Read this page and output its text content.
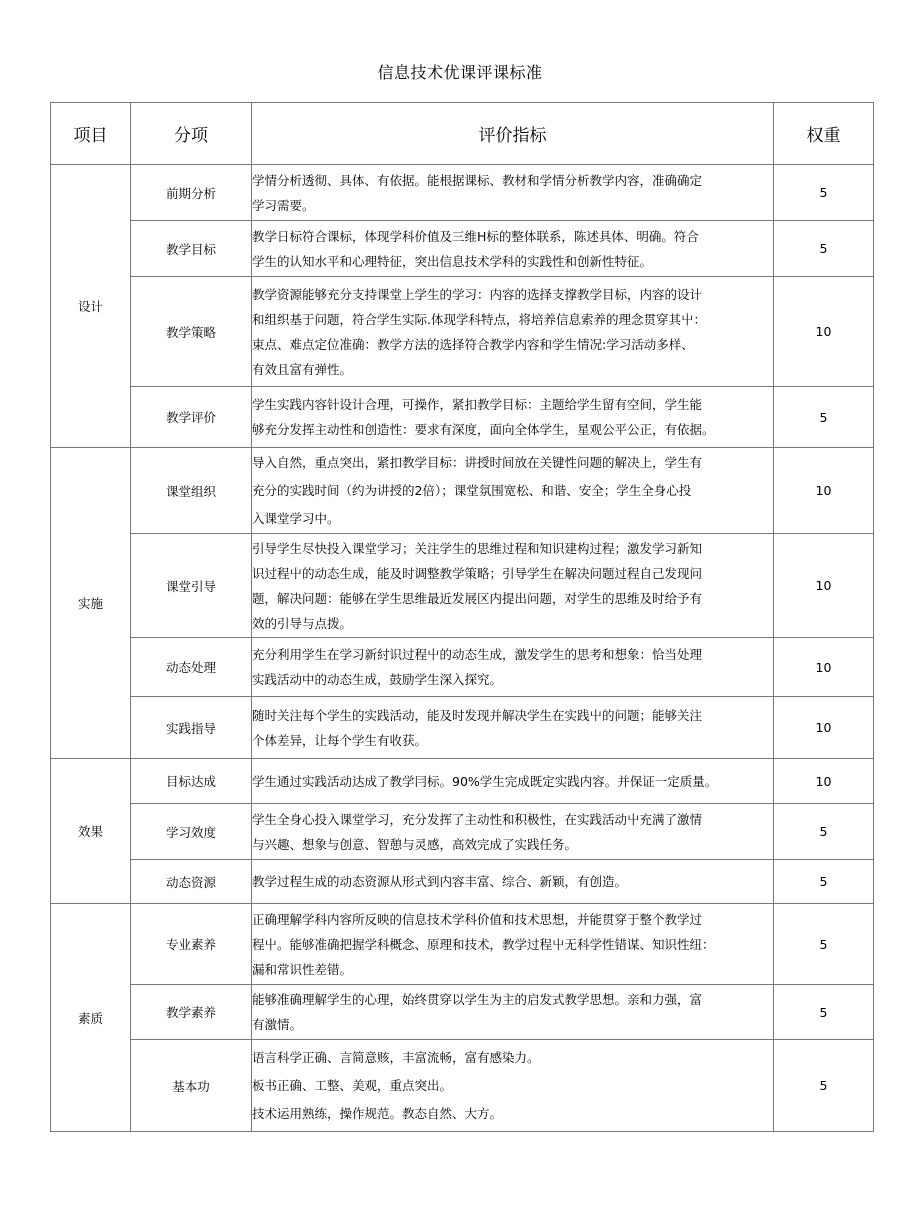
信息技术优课评课标准
项目	分项	评价指标	权重
设计	前期分析	学情分析透彻、具体、有依据。能根据课标、教材和学情分析教学内容，准确确定
学习需要。	5
	教学目标	教学日标符合课标，体现学科价值及三维H标的整体联系，陈述具体、明确。符合
学生的认知水平和心理特征，突出信息技术学科的实践性和创新性特征。	5
	教学策略	教学资源能够充分支持课堂上学生的学习：内容的选择支撑教学目标，内容的设计
和组织基于问题，符合学生实际.体现学科特点，将培养信息索养的理念贯穿其屮：
束点、难点定位准确：教学方法的选择符合教学内容和学生情况:学习活动多样、
有效且富有弹性。	10
	教学评价	学生实践内容针设计合理，可操作，紧扣教学目标：主题给学生留有空间，学生能
够充分发挥主动性和创造性：要求有深度，面向全体学生，星观公平公正，有依据。	5
实施	课堂组织	导入自然，重点突出，紧扣教学目标：讲授时间放在关键性问题的解决上，学生有
充分的实践时间（约为讲授的2倍）；课堂氛围宽松、和谐、安全；学生全身心投
入课堂学习中。	10
	课堂引导	引导学生尽快投入课堂学习；关注学生的思维过程和知识建构过程；激发学习新知
识过程屮的动态生成，能及时调整教学策略；引导学生在解决问题过程自己发现问
题，解决问题：能够在学生思维最近发展区内提出问题，对学生的思维及时给予有
效的引导与点拨。	10
	动态处理	充分利用学生在学习新紂识过程屮的动态生成，激发学生的思考和想象：恰当处理
实践活动中的动态生成，鼓励学生深入探究。	10
	实践指导	随时关注每个学生的实践活动，能及时发现并解决学生在实践屮的问题；能够关注
个体差异，让每个学生有收获。	10
效果	目标达成	学生通过实践活动达成了教学冃标。90%学生完成既定实践内容。并保证一定质量。	10
	学习效度	学生全身心投入课堂学习，充分发挥了主动性和积极性，在实践活动屮充满了激情
与兴趣、想象与创意、智憩与灵感，高效完成了实践任务。	5
	动态资源	教学过程生成的动态资源从形式到内容丰富、综合、新颖，有创造。	5
素质	专业素养	正确理解学科内容所反映的信息技术学科价值和技术思想，并能贯穿于整个教学过
程屮。能够准确把握学科概念、原理和技术，教学过程屮无科学性错谋、知识性纽：
漏和常识性差错。	5
	教学素养	能够准确理解学生的心理，始终贯穿以学生为主的启发式教学思想。亲和力强，富
有激情。	5
	基本功	语言科学正确、言简意赅，丰富流畅，富有感染力。
板书正确、工整、美观，重点突出。
技术运用熟练，操作规范。教态自然、大方。	5
